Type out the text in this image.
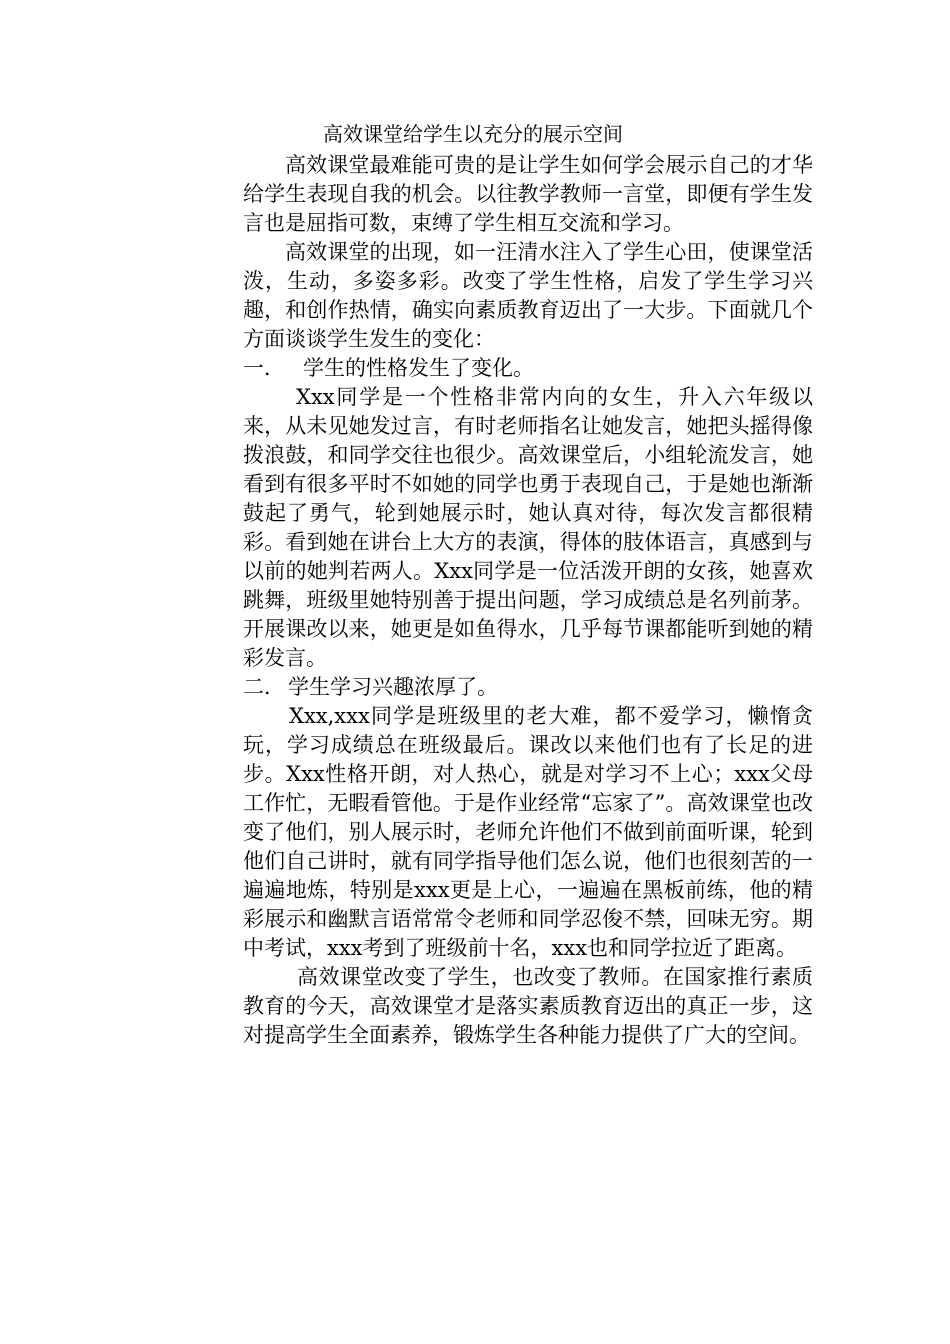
高效课堂给学生以充分的展示空间

高效课堂最难能可贵的是让学生如何学会展示自己的才华给学生表现自我的机会。以往教学教师一言堂，即便有学生发言也是屈指可数，束缚了学生相互交流和学习。

高效课堂的出现，如一汪清水注入了学生心田，使课堂活泼，生动，多姿多彩。改变了学生性格，启发了学生学习兴趣，和创作热情，确实向素质教育迈出了一大步。下面就几个方面谈谈学生发生的变化：

一． 学生的性格发生了变化。

Xxx同学是一个性格非常内向的女生，升入六年级以来，从未见她发过言，有时老师指名让她发言，她把头摇得像拨浪鼓，和同学交往也很少。高效课堂后，小组轮流发言，她看到有很多平时不如她的同学也勇于表现自己，于是她也渐渐鼓起了勇气，轮到她展示时，她认真对待，每次发言都很精彩。看到她在讲台上大方的表演，得体的肢体语言，真感到与以前的她判若两人。Xxx同学是一位活泼开朗的女孩，她喜欢跳舞，班级里她特别善于提出问题，学习成绩总是名列前茅。开展课改以来，她更是如鱼得水，几乎每节课都能听到她的精彩发言。

二． 学生学习兴趣浓厚了。

Xxx,xxx同学是班级里的老大难，都不爱学习，懒惰贪玩，学习成绩总在班级最后。课改以来他们也有了长足的进步。Xxx性格开朗，对人热心，就是对学习不上心；xxx父母工作忙，无暇看管他。于是作业经常“忘家了”。高效课堂也改变了他们，别人展示时，老师允许他们不做到前面听课，轮到他们自己讲时，就有同学指导他们怎么说，他们也很刻苦的一遍遍地炼，特别是xxx更是上心，一遍遍在黑板前练，他的精彩展示和幽默言语常常令老师和同学忍俊不禁，回味无穷。期中考试，xxx考到了班级前十名，xxx也和同学拉近了距离。

高效课堂改变了学生，也改变了教师。在国家推行素质教育的今天，高效课堂才是落实素质教育迈出的真正一步，这对提高学生全面素养，锻炼学生各种能力提供了广大的空间。
